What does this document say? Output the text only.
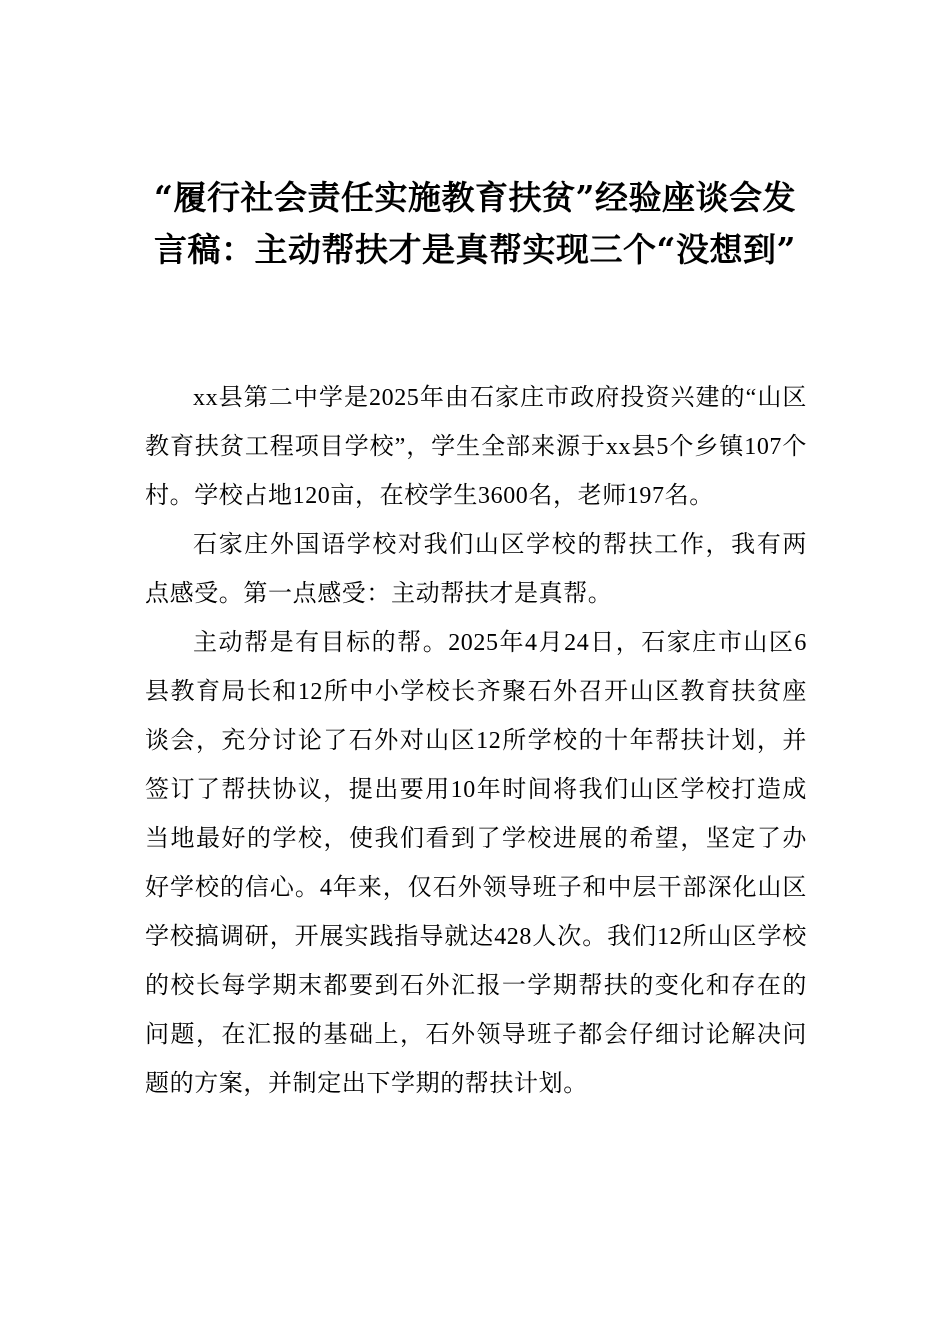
“履行社会责任实施教育扶贫”经验座谈会发言稿：主动帮扶才是真帮实现三个“没想到”

xx县第二中学是2025年由石家庄市政府投资兴建的“山区教育扶贫工程项目学校”，学生全部来源于xx县5个乡镇107个村。学校占地120亩，在校学生3600名，老师197名。

石家庄外国语学校对我们山区学校的帮扶工作，我有两点感受。第一点感受：主动帮扶才是真帮。

主动帮是有目标的帮。2025年4月24日，石家庄市山区6县教育局长和12所中小学校长齐聚石外召开山区教育扶贫座谈会，充分讨论了石外对山区12所学校的十年帮扶计划，并签订了帮扶协议，提出要用10年时间将我们山区学校打造成当地最好的学校，使我们看到了学校进展的希望，坚定了办好学校的信心。4年来，仅石外领导班子和中层干部深化山区学校搞调研，开展实践指导就达428人次。我们12所山区学校的校长每学期末都要到石外汇报一学期帮扶的变化和存在的问题，在汇报的基础上，石外领导班子都会仔细讨论解决问题的方案，并制定出下学期的帮扶计划。
